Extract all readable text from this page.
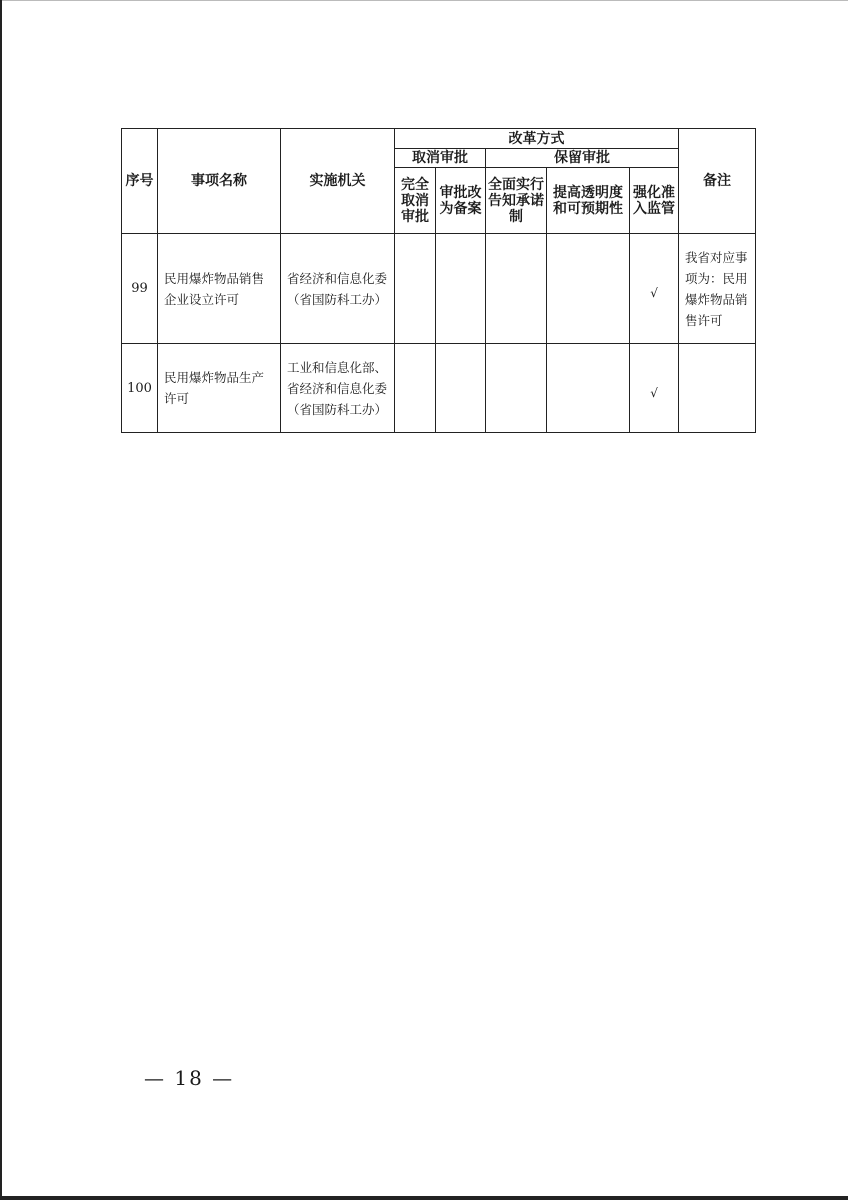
序号	事项名称	实施机关	改革方式					备注
			取消审批		保留审批			
			完全取消审批	审批改为备案	全面实行告知承诺制	提高透明度和可预期性	强化准入监管	
99	民用爆炸物品销售企业设立许可	省经济和信息化委（省国防科工办）					√	我省对应事项为：民用爆炸物品销售许可
100	民用爆炸物品生产许可	工业和信息化部、省经济和信息化委（省国防科工办）					√	
— 18 —
